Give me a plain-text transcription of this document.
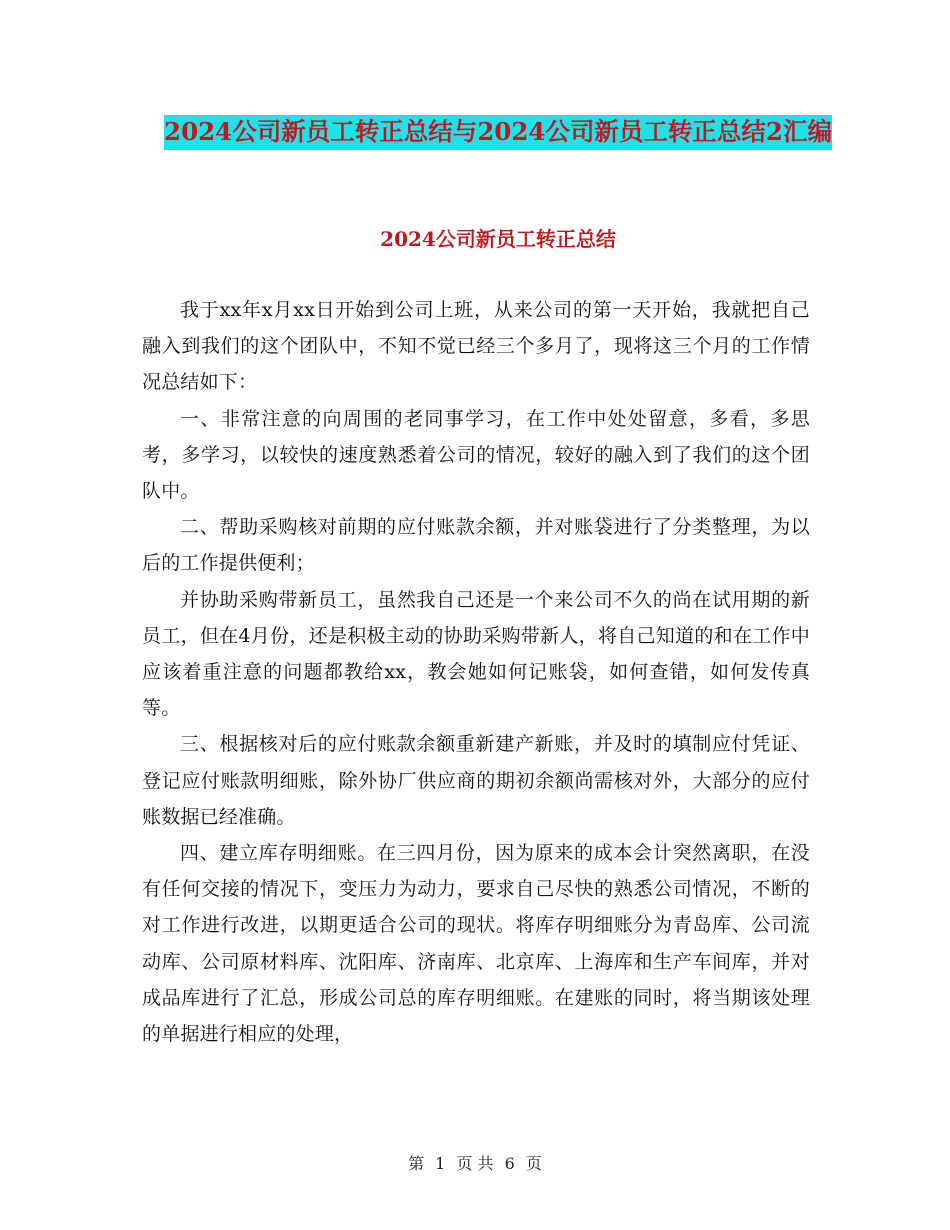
2024公司新员工转正总结与2024公司新员工转正总结2汇编
2024公司新员工转正总结

我于xx年x月xx日开始到公司上班，从来公司的第一天开始，我就把自己融入到我们的这个团队中，不知不觉已经三个多月了，现将这三个月的工作情况总结如下：

一、非常注意的向周围的老同事学习，在工作中处处留意，多看，多思考，多学习，以较快的速度熟悉着公司的情况，较好的融入到了我们的这个团队中。

二、帮助采购核对前期的应付账款余额，并对账袋进行了分类整理，为以后的工作提供便利；

并协助采购带新员工，虽然我自己还是一个来公司不久的尚在试用期的新员工，但在4月份，还是积极主动的协助采购带新人，将自己知道的和在工作中应该着重注意的问题都教给xx，教会她如何记账袋，如何查错，如何发传真等。

三、根据核对后的应付账款余额重新建产新账，并及时的填制应付凭证、登记应付账款明细账，除外协厂供应商的期初余额尚需核对外，大部分的应付账数据已经准确。

四、建立库存明细账。在三四月份，因为原来的成本会计突然离职，在没有任何交接的情况下，变压力为动力，要求自己尽快的熟悉公司情况，不断的对工作进行改进，以期更适合公司的现状。将库存明细账分为青岛库、公司流动库、公司原材料库、沈阳库、济南库、北京库、上海库和生产车间库，并对成品库进行了汇总，形成公司总的库存明细账。在建账的同时，将当期该处理的单据进行相应的处理，

第 1 页 共 6 页
